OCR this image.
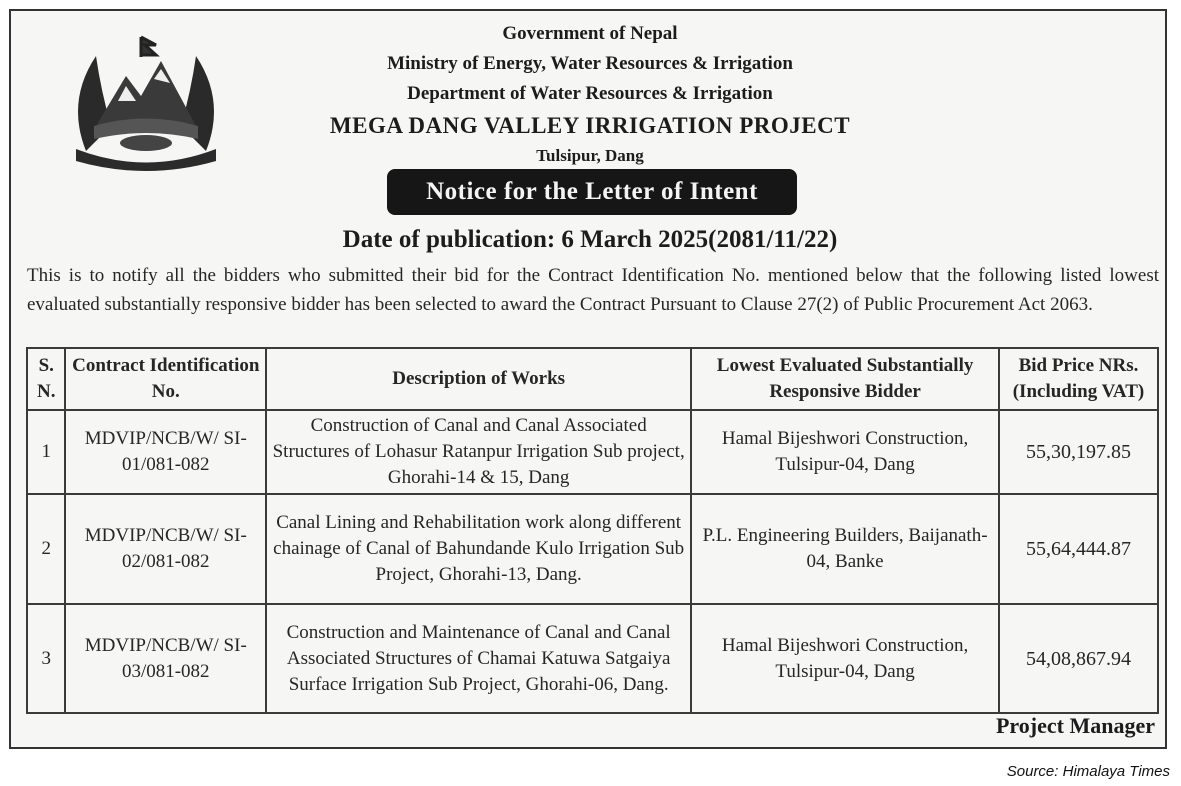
Government of Nepal
Ministry of Energy, Water Resources & Irrigation
Department of Water Resources & Irrigation
MEGA DANG VALLEY IRRIGATION PROJECT
Tulsipur, Dang
Notice for the Letter of Intent
Date of publication: 6 March 2025(2081/11/22)
This is to notify all the bidders who submitted their bid for the Contract Identification No. mentioned below that the following listed lowest evaluated substantially responsive bidder has been selected to award the Contract Pursuant to Clause 27(2) of Public Procurement Act 2063.
S. N.	Contract Identification No.	Description of Works	Lowest Evaluated Substantially Responsive Bidder	Bid Price NRs. (Including VAT)
1	MDVIP/NCB/W/ SI-01/081-082	Construction of Canal and Canal Associated Structures of Lohasur Ratanpur Irrigation Sub project, Ghorahi-14 & 15, Dang	Hamal Bijeshwori Construction, Tulsipur-04, Dang	55,30,197.85
2	MDVIP/NCB/W/ SI-02/081-082	Canal Lining and Rehabilitation work along different chainage of Canal of Bahundande Kulo Irrigation Sub Project, Ghorahi-13, Dang.	P.L. Engineering Builders, Baijanath-04, Banke	55,64,444.87
3	MDVIP/NCB/W/ SI-03/081-082	Construction and Maintenance of Canal and Canal Associated Structures of Chamai Katuwa Satgaiya Surface Irrigation Sub Project, Ghorahi-06, Dang.	Hamal Bijeshwori Construction, Tulsipur-04, Dang	54,08,867.94
Project Manager
Source: Himalaya Times
